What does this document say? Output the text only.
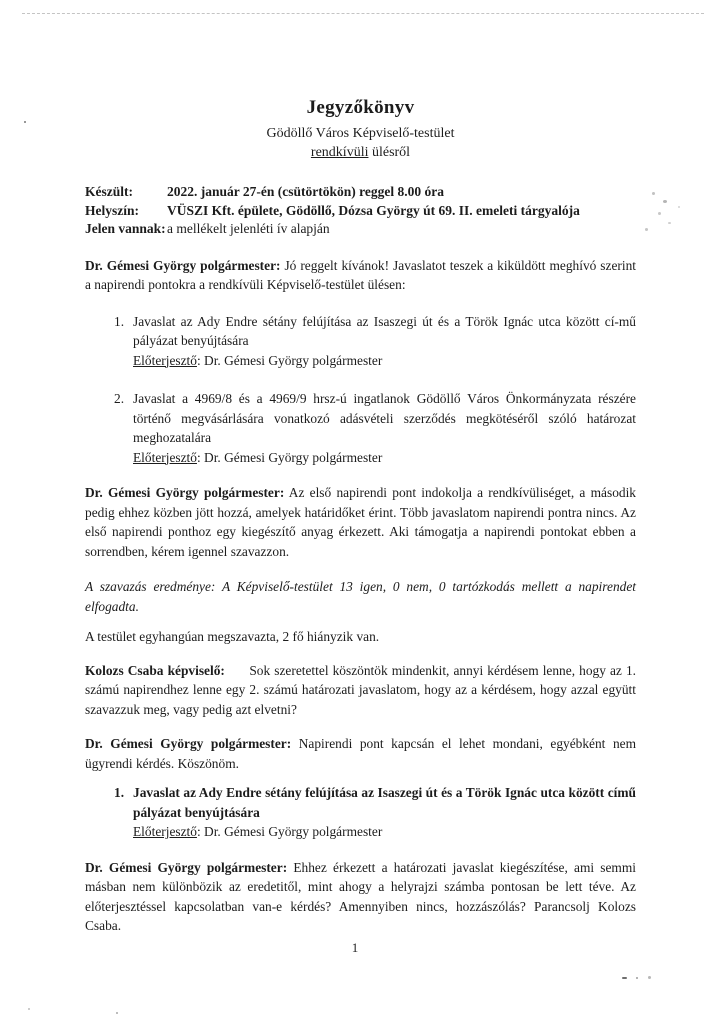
Jegyzőkönyv
Gödöllő Város Képviselő-testület
rendkívüli ülésről
Készült:	2022. január 27-én (csütörtökön) reggel 8.00 óra
Helyszín:	VÜSZI Kft. épülete, Gödöllő, Dózsa György út 69. II. emeleti tárgyalója
Jelen vannak: a mellékelt jelenléti ív alapján

Dr. Gémesi György polgármester: Jó reggelt kívánok! Javaslatot teszek a kiküldött meghívó szerint a napirendi pontokra a rendkívüli Képviselő-testület ülésen:

1. Javaslat az Ady Endre sétány felújítása az Isaszegi út és a Török Ignác utca között cí-mű pályázat benyújtására
Előterjesztő: Dr. Gémesi György polgármester
2. Javaslat a 4969/8 és a 4969/9 hrsz-ú ingatlanok Gödöllő Város Önkormányzata részére történő megvásárlására vonatkozó adásvételi szerződés megkötéséről szóló határozat meghozatalára
Előterjesztő: Dr. Gémesi György polgármester

Dr. Gémesi György polgármester: Az első napirendi pont indokolja a rendkívüliséget, a második pedig ehhez közben jött hozzá, amelyek határidőket érint. Több javaslatom napirendi pontra nincs. Az első napirendi ponthoz egy kiegészítő anyag érkezett. Aki támogatja a napirendi pontokat ebben a sorrendben, kérem igennel szavazzon.

A szavazás eredménye: A Képviselő-testület 13 igen, 0 nem, 0 tartózkodás mellett a napirendet elfogadta.

A testület egyhangúan megszavazta, 2 fő hiányzik van.

Kolozs Csaba képviselő:      Sok szeretettel köszöntök mindenkit, annyi kérdésem lenne, hogy az 1. számú napirendhez lenne egy 2. számú határozati javaslatom, hogy az a kérdésem, hogy azzal együtt szavazzuk meg, vagy pedig azt elvetni?

Dr. Gémesi György polgármester: Napirendi pont kapcsán el lehet mondani, egyébként nem ügyrendi kérdés. Köszönöm.

1. Javaslat az Ady Endre sétány felújítása az Isaszegi út és a Török Ignác utca között című pályázat benyújtására
Előterjesztő: Dr. Gémesi György polgármester

Dr. Gémesi György polgármester: Ehhez érkezett a határozati javaslat kiegészítése, ami semmi másban nem különbözik az eredetitől, mint ahogy a helyrajzi számba pontosan be lett téve. Az előterjesztéssel kapcsolatban van-e kérdés? Amennyiben nincs, hozzászólás? Parancsolj Kolozs Csaba.

1
